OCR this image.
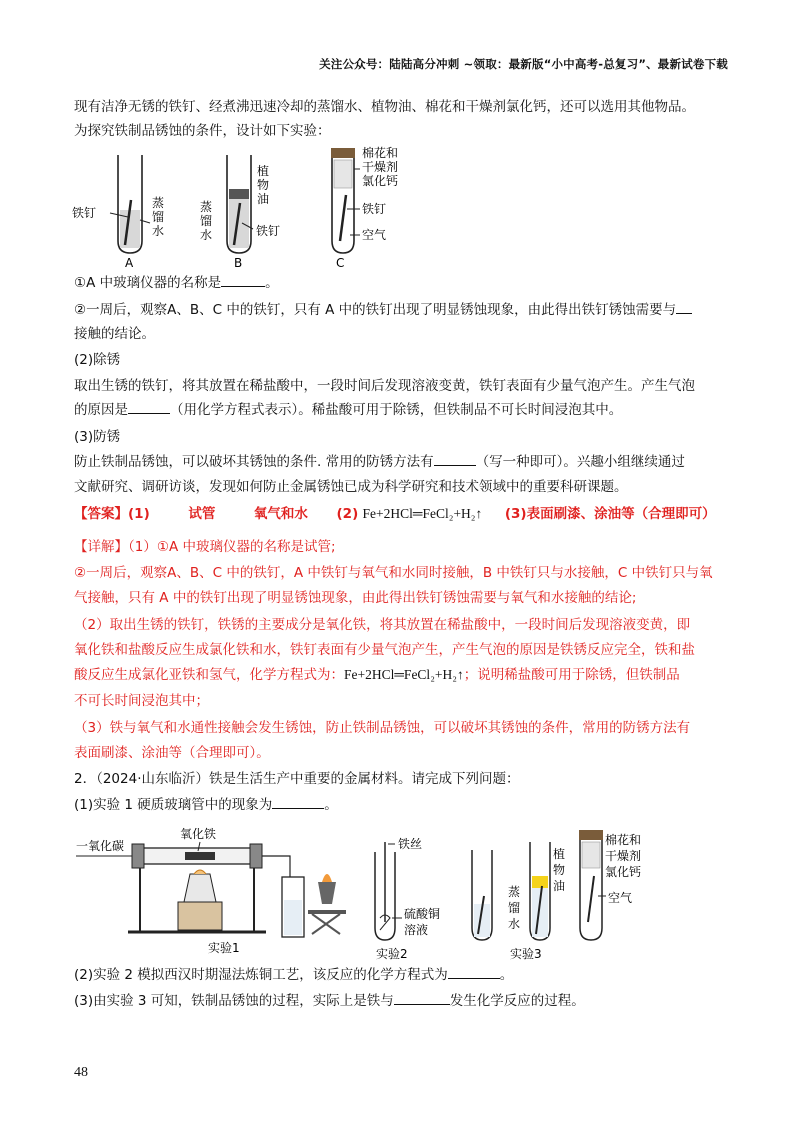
关注公众号：陆陆高分冲刺 ~领取：最新版“小中高考-总复习”、最新试卷下载
现有洁净无锈的铁钉、经煮沸迅速冷却的蒸馏水、植物油、棉花和干燥剂氯化钙，还可以选用其他物品。
为探究铁制品锈蚀的条件，设计如下实验：
铁钉
蒸
馏
水
A
植
物
油
蒸
馏
水	铁钉
B
棉花和
干燥剂
氯化钙
铁钉
空气
C
①A 中玻璃仪器的名称是	。
②一周后，观察A、B、C 中的铁钉，只有 A 中的铁钉出现了明显锈蚀现象，由此得出铁钉锈蚀需要与
接触的结论。
(2)除锈
取出生锈的铁钉，将其放置在稀盐酸中，一段时间后发现溶液变黄，铁钉表面有少量气泡产生。产生气泡
的原因是	（用化学方程式表示）。稀盐酸可用于除锈，但铁制品不可长时间浸泡其中。
(3)防锈
防止铁制品锈蚀，可以破坏其锈蚀的条件. 常用的防锈方法有	（写一种即可）。兴趣小组继续通过
文献研究、调研访谈，发现如何防止金属锈蚀已成为科学研究和技术领域中的重要科研课题。
【答案】(1)	试管	氧气和水 (2) Fe+2HCl═FeCl₂+H₂↑ (3)表面刷漆、涂油等（合理即可）
【详解】（1）①A 中玻璃仪器的名称是试管;
②一周后，观察A、B、C 中的铁钉，A 中铁钉与氧气和水同时接触，B 中铁钉只与水接触，C 中铁钉只与氧
气接触，只有 A 中的铁钉出现了明显锈蚀现象，由此得出铁钉锈蚀需要与氧气和水接触的结论;
（2）取出生锈的铁钉，铁锈的主要成分是氧化铁，将其放置在稀盐酸中，一段时间后发现溶液变黄，即
氧化铁和盐酸反应生成氯化铁和水，铁钉表面有少量气泡产生，产生气泡的原因是铁锈反应完全，铁和盐
酸反应生成氯化亚铁和氢气，化学方程式为：Fe+2HCl═FeCl₂+H₂↑；说明稀盐酸可用于除锈，但铁制品
不可长时间浸泡其中；
（3）铁与氧气和水通性接触会发生锈蚀，防止铁制品锈蚀，可以破坏其锈蚀的条件，常用的防锈方法有
表面刷漆、涂油等（合理即可）。
2．（2024·山东临沂）铁是生活生产中重要的金属材料。请完成下列问题：
(1)实验 1 硬质玻璃管中的现象为	。
一氧化碳
氧化铁
实验1
铁丝
硫酸铜
溶液
实验2
植
物
油
蒸
馏
水
实验3
棉花和
干燥剂
氯化钙
空气
(2)实验 2 模拟西汉时期湿法炼铜工艺，该反应的化学方程式为	。
(3)由实验 3 可知，铁制品锈蚀的过程，实际上是铁与	发生化学反应的过程。
48
